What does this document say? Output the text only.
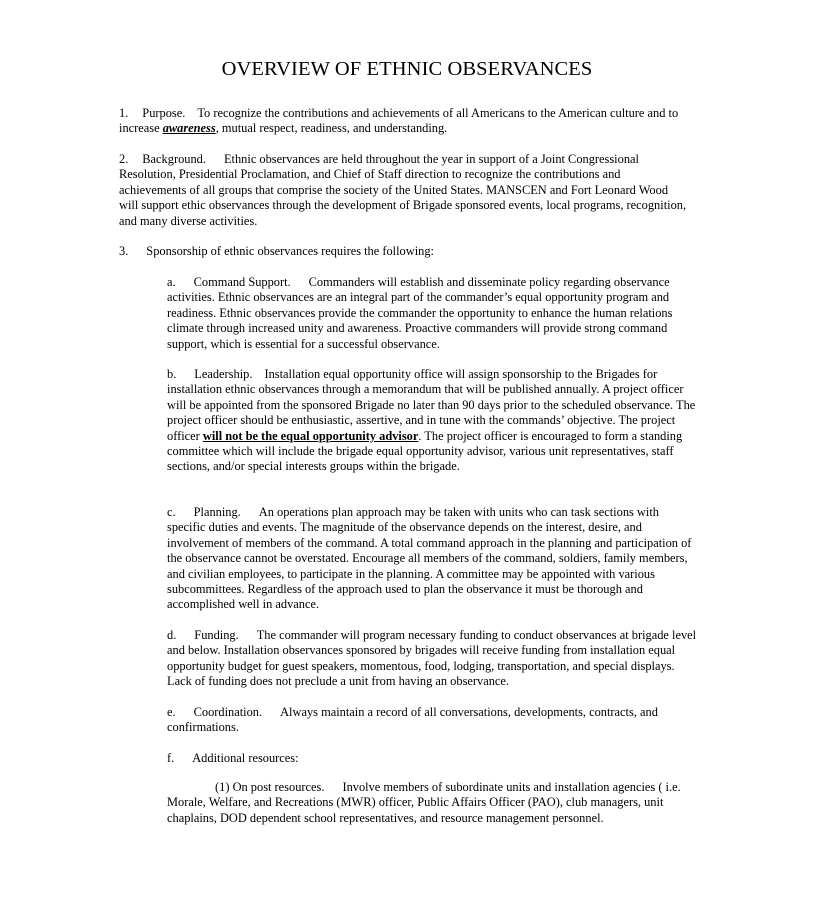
OVERVIEW OF ETHNIC OBSERVANCES

1. Purpose. To recognize the contributions and achievements of all Americans to the American culture and to increase awareness, mutual respect, readiness, and understanding.

2. Background. Ethnic observances are held throughout the year in support of a Joint Congressional Resolution, Presidential Proclamation, and Chief of Staff direction to recognize the contributions and achievements of all groups that comprise the society of the United States. MANSCEN and Fort Leonard Wood will support ethic observances through the development of Brigade sponsored events, local programs, recognition, and many diverse activities.

3. Sponsorship of ethnic observances requires the following:

a. Command Support. Commanders will establish and disseminate policy regarding observance activities. Ethnic observances are an integral part of the commander’s equal opportunity program and readiness. Ethnic observances provide the commander the opportunity to enhance the human relations climate through increased unity and awareness. Proactive commanders will provide strong command support, which is essential for a successful observance.

b. Leadership. Installation equal opportunity office will assign sponsorship to the Brigades for installation ethnic observances through a memorandum that will be published annually. A project officer will be appointed from the sponsored Brigade no later than 90 days prior to the scheduled observance. The project officer should be enthusiastic, assertive, and in tune with the commands’ objective. The project officer will not be the equal opportunity advisor. The project officer is encouraged to form a standing committee which will include the brigade equal opportunity advisor, various unit representatives, staff sections, and/or special interests groups within the brigade.

c. Planning. An operations plan approach may be taken with units who can task sections with specific duties and events. The magnitude of the observance depends on the interest, desire, and involvement of members of the command. A total command approach in the planning and participation of the observance cannot be overstated. Encourage all members of the command, soldiers, family members, and civilian employees, to participate in the planning. A committee may be appointed with various subcommittees. Regardless of the approach used to plan the observance it must be thorough and accomplished well in advance.

d. Funding. The commander will program necessary funding to conduct observances at brigade level and below. Installation observances sponsored by brigades will receive funding from installation equal opportunity budget for guest speakers, momentous, food, lodging, transportation, and special displays. Lack of funding does not preclude a unit from having an observance.

e. Coordination. Always maintain a record of all conversations, developments, contracts, and confirmations.

f. Additional resources:

(1) On post resources. Involve members of subordinate units and installation agencies ( i.e. Morale, Welfare, and Recreations (MWR) officer, Public Affairs Officer (PAO), club managers, unit chaplains, DOD dependent school representatives, and resource management personnel.
